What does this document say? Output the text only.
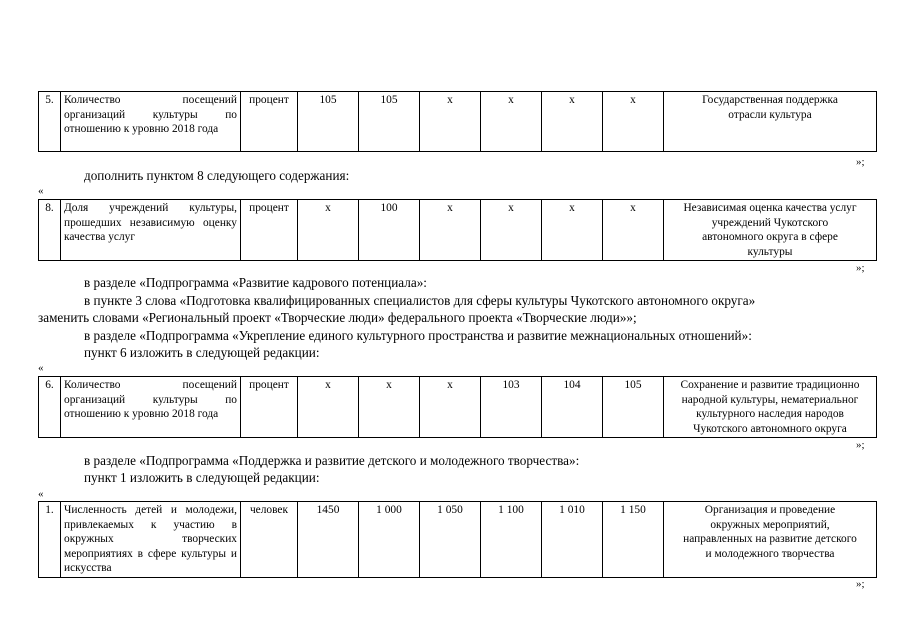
5.	Количество посещений организаций культуры по отношению к уровню 2018 года	процент	105	105	х	х	х	х	Государственная поддержка
отрасли культура
»;
дополнить пунктом 8 следующего содержания:
«
8.	Доля учреждений культуры, прошедших независимую оценку качества услуг	процент	х	100	х	х	х	х	Независимая оценка качества услуг
учреждений Чукотского
автономного округа в сфере
культуры
»;
в разделе «Подпрограмма «Развитие кадрового потенциала»:
в пункте 3 слова «Подготовка квалифицированных специалистов для сферы культуры Чукотского автономного округа»
заменить словами «Региональный проект «Творческие люди» федерального проекта «Творческие люди»»;
в разделе «Подпрограмма «Укрепление единого культурного пространства и развитие межнациональных отношений»:
пункт 6 изложить в следующей редакции:
«
6.	Количество посещений организаций культуры по отношению к уровню 2018 года	процент	х	х	х	103	104	105	Сохранение и развитие традиционно
народной культуры, нематериальног
культурного наследия народов
Чукотского автономного округа
»;
в разделе «Подпрограмма «Поддержка и развитие детского и молодежного творчества»:
пункт 1 изложить в следующей редакции:
«
1.	Численность детей и молодежи, привлекаемых к участию в окружных творческих мероприятиях в сфере культуры и искусства	человек	1450	1 000	1 050	1 100	1 010	1 150	Организация и проведение
окружных мероприятий,
направленных на развитие детского
и молодежного творчества
»;
